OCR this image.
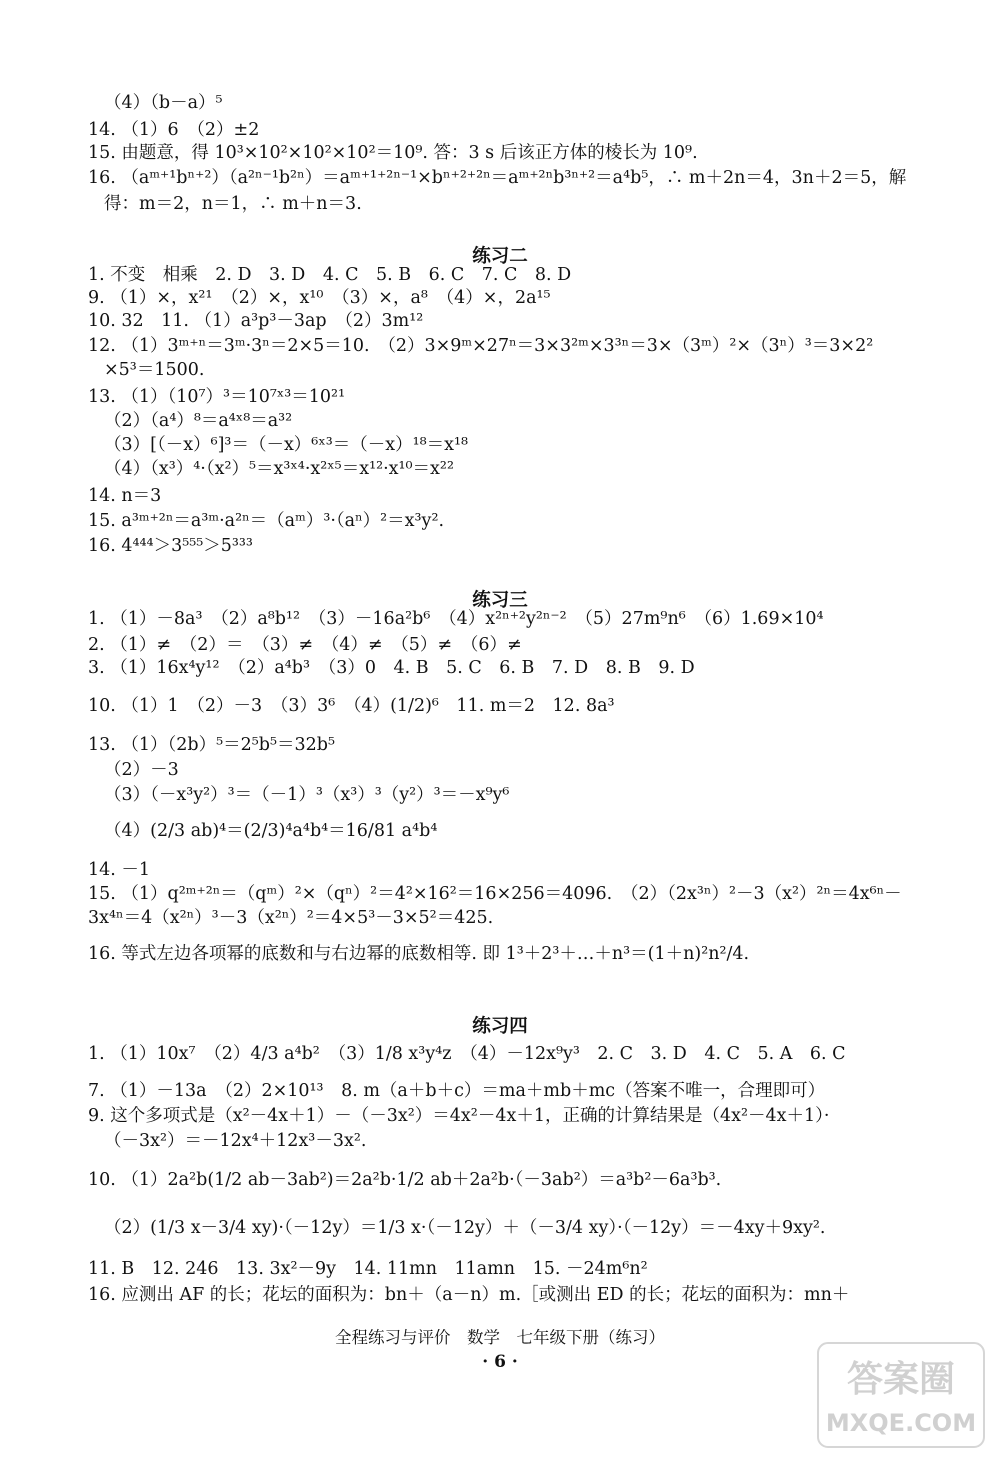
（4）（b－a）⁵
14. （1）6　（2）±2
15. 由题意，得 10³×10²×10²×10²＝10⁹. 答：3 s 后该正方体的棱长为 10⁹.
16. （aᵐ⁺¹bⁿ⁺²）（a²ⁿ⁻¹b²ⁿ）＝aᵐ⁺¹⁺²ⁿ⁻¹×bⁿ⁺²⁺²ⁿ＝aᵐ⁺²ⁿb³ⁿ⁺²＝a⁴b⁵，∴ m＋2n＝4，3n＋2＝5，解
得：m＝2，n＝1，∴ m＋n＝3.
练习二
1. 不变　相乘　2. D　3. D　4. C　5. B　6. C　7. C　8. D
9. （1）×，x²¹　（2）×，x¹⁰　（3）×，a⁸　（4）×，2a¹⁵
10. 32　11. （1）a³p³－3ap　（2）3m¹²
12. （1）3ᵐ⁺ⁿ＝3ᵐ·3ⁿ＝2×5＝10.　（2）3×9ᵐ×27ⁿ＝3×3²ᵐ×3³ⁿ＝3×（3ᵐ）²×（3ⁿ）³＝3×2²
×5³＝1500.
13. （1）（10⁷）³＝10⁷ˣ³＝10²¹
（2）（a⁴）⁸＝a⁴ˣ⁸＝a³²
（3）[（－x）⁶]³＝（－x）⁶ˣ³＝（－x）¹⁸＝x¹⁸
（4）（x³）⁴·（x²）⁵＝x³ˣ⁴·x²ˣ⁵＝x¹²·x¹⁰＝x²²
14. n＝3
15. a³ᵐ⁺²ⁿ＝a³ᵐ·a²ⁿ＝（aᵐ）³·（aⁿ）²＝x³y².
16. 4⁴⁴⁴＞3⁵⁵⁵＞5³³³
练习三
1. （1）－8a³　（2）a⁸b¹²　（3）－16a²b⁶　（4）x²ⁿ⁺²y²ⁿ⁻²　（5）27m⁹n⁶　（6）1.69×10⁴
2. （1）≠　（2）＝　（3）≠　（4）≠　（5）≠　（6）≠
3. （1）16x⁴y¹²　（2）a⁴b³　（3）0　4. B　5. C　6. B　7. D　8. B　9. D
10. （1）1　（2）－3　（3）3⁶　（4）(1/2)⁶　11. m＝2　12. 8a³
13. （1）（2b）⁵＝2⁵b⁵＝32b⁵
（2）－3
（3）（－x³y²）³＝（－1）³（x³）³（y²）³＝－x⁹y⁶
（4）(2/3 ab)⁴＝(2/3)⁴a⁴b⁴＝16/81 a⁴b⁴
14. －1
15. （1）q²ᵐ⁺²ⁿ＝（qᵐ）²×（qⁿ）²＝4²×16²＝16×256＝4096.　（2）（2x³ⁿ）²－3（x²）²ⁿ＝4x⁶ⁿ－
3x⁴ⁿ＝4（x²ⁿ）³－3（x²ⁿ）²＝4×5³－3×5²＝425.
16. 等式左边各项幂的底数和与右边幂的底数相等. 即 1³＋2³＋…＋n³＝(1＋n)²n²/4.
练习四
1. （1）10x⁷　（2）4/3 a⁴b²　（3）1/8 x³y⁴z　（4）－12x⁹y³　2. C　3. D　4. C　5. A　6. C
7. （1）－13a　（2）2×10¹³　8. m（a＋b＋c）＝ma＋mb＋mc（答案不唯一，合理即可）
9. 这个多项式是（x²－4x＋1）－（－3x²）＝4x²－4x＋1，正确的计算结果是（4x²－4x＋1）·
（－3x²）＝－12x⁴＋12x³－3x².
10. （1）2a²b(1/2 ab－3ab²)＝2a²b·1/2 ab＋2a²b·（－3ab²）＝a³b²－6a³b³.
（2）(1/3 x－3/4 xy)·（－12y）＝1/3 x·（－12y）＋（－3/4 xy）·（－12y）＝－4xy＋9xy².
11. B　12. 246　13. 3x²－9y　14. 11mn　11amn　15. －24m⁶n²
16. 应测出 AF 的长；花坛的面积为：bn＋（a－n）m.［或测出 ED 的长；花坛的面积为：mn＋
全程练习与评价　数学　七年级下册（练习）
· 6 ·	答案圈
MXQE.COM
